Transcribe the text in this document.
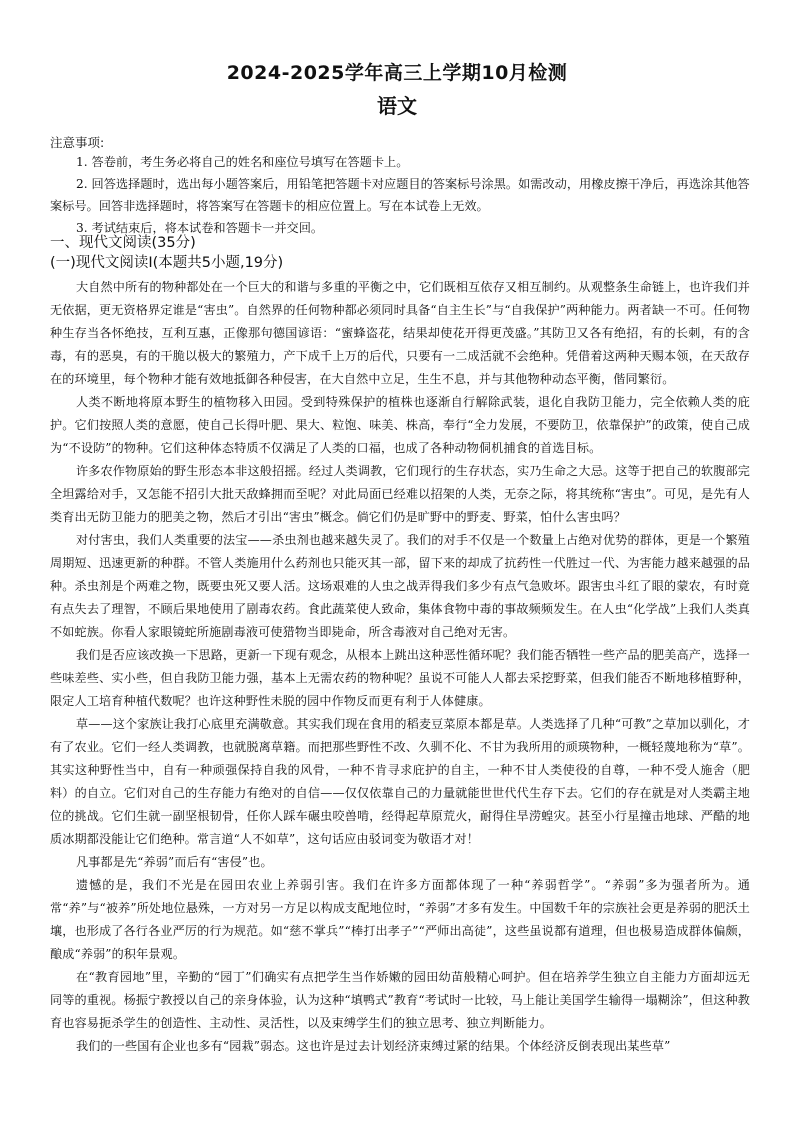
2024-2025学年高三上学期10月检测
语文
注意事项:

1. 答卷前，考生务必将自己的姓名和座位号填写在答题卡上。

2. 回答选择题时，选出每小题答案后，用铅笔把答题卡对应题目的答案标号涂黑。如需改动，用橡皮擦干净后，再选涂其他答案标号。回答非选择题时，将答案写在答题卡的相应位置上。写在本试卷上无效。

3. 考试结束后，将本试卷和答题卡一并交回。

一、现代文阅读(35分)
(一)现代文阅读Ⅰ(本题共5小题,19分)

大自然中所有的物种都处在一个巨大的和谐与多重的平衡之中，它们既相互依存又相互制约。从观整条生命链上，也许我们并无依据，更无资格界定谁是“害虫”。自然界的任何物种都必须同时具备“自主生长”与“自我保护”两种能力。两者缺一不可。任何物种生存当各怀绝技，互利互惠，正像那句德国谚语：“蜜蜂盗花，结果却使花开得更茂盛。”其防卫又各有绝招，有的长刺，有的含毒，有的恶臭，有的干脆以极大的繁殖力，产下成千上万的后代，只要有一二成活就不会绝种。凭借着这两种天赐本领，在天敌存在的环境里，每个物种才能有效地抵御各种侵害，在大自然中立足，生生不息，并与其他物种动态平衡，偕同繁衍。

人类不断地将原本野生的植物移入田园。受到特殊保护的植株也逐渐自行解除武装，退化自我防卫能力，完全依赖人类的庇护。它们按照人类的意愿，使自己长得叶肥、果大、粒饱、味美、株高，奉行“全力发展，不要防卫，依靠保护”的政策，使自己成为“不设防”的物种。它们这种体态特质不仅满足了人类的口福，也成了各种动物侗机捕食的首选目标。

许多农作物原始的野生形态本非这般招摇。经过人类调教，它们现行的生存状态，实乃生命之大忌。这等于把自己的软腹部完全坦露给对手，又怎能不招引大批天敌蜂拥而至呢？对此局面已经难以招架的人类，无奈之际，将其统称“害虫”。可见，是先有人类育出无防卫能力的肥美之物，然后才引出“害虫”概念。倘它们仍是旷野中的野麦、野菜，怕什么害虫吗？

对付害虫，我们人类重要的法宝——杀虫剂也越来越失灵了。我们的对手不仅是一个数量上占绝对优势的群体，更是一个繁殖周期短、迅速更新的种群。不管人类施用什么药剂也只能灭其一部，留下来的却成了抗药性一代胜过一代、为害能力越来越强的品种。杀虫剂是个两难之物，既要虫死又要人活。这场艰难的人虫之战弄得我们多少有点气急败坏。跟害虫斗红了眼的蒙农，有时竟有点失去了理智，不顾后果地使用了剧毒农药。食此蔬菜使人致命，集体食物中毒的事故频频发生。在人虫“化学战”上我们人类真不如蛇族。你看人家眼镜蛇所施剧毒液可使猎物当即毙命，所含毒液对自己绝对无害。

我们是否应该改换一下思路，更新一下现有观念，从根本上跳出这种恶性循环呢？我们能否牺牲一些产品的肥美高产，选择一些味差些、实小些，但自我防卫能力强，基本上无需农药的物种呢？虽说不可能人人都去采挖野菜，但我们能否不断地移植野种，限定人工培育种植代数呢？也许这种野性未脱的园中作物反而更有利于人体健康。

草——这个家族让我打心底里充满敬意。其实我们现在食用的稻麦豆菜原本都是草。人类选择了几种“可教”之草加以驯化，才有了农业。它们一经人类调教，也就脱离草籍。而把那些野性不改、久驯不化、不甘为我所用的顽瑛物种，一概轻蔑地称为“草”。其实这种野性当中，自有一种顽强保持自我的风骨，一种不肯寻求庇护的自主，一种不甘人类使役的自尊，一种不受人施舍（肥料）的自立。它们对自己的生存能力有绝对的自信——仅仅依靠自己的力量就能世世代代生存下去。它们的存在就是对人类霸主地位的挑战。它们生就一副坚根韧骨，任你人踩车碾虫咬兽啃，经得起草原荒火，耐得住旱涝蝗灾。甚至小行星撞击地球、严酷的地质冰期都没能让它们绝种。常言道“人不如草”，这句话应由驳词变为敬语才对！

凡事都是先“养弱”而后有“害侵”也。

遗憾的是，我们不光是在园田农业上养弱引害。我们在许多方面都体现了一种“养弱哲学”。“养弱”多为强者所为。通常“养”与“被养”所处地位悬殊，一方对另一方足以构成支配地位时，“养弱”才多有发生。中国数千年的宗族社会更是养弱的肥沃土壤，也形成了各行各业严厉的行为规范。如“慈不掌兵”“棒打出孝子”“严师出高徒”，这些虽说都有道理，但也极易造成群体偏颇，酿成“养弱”的积年景观。

在“教育园地”里，辛勤的“园丁”们确实有点把学生当作娇嫩的园田幼苗般精心呵护。但在培养学生独立自主能力方面却远无同等的重视。杨振宁教授以自己的亲身体验，认为这种“填鸭式”教育“考试时一比较，马上能让美国学生输得一塌糊涂”，但这种教育也容易扼杀学生的创造性、主动性、灵活性，以及束缚学生们的独立思考、独立判断能力。

我们的一些国有企业也多有“园栽”弱态。这也许是过去计划经济束缚过紧的结果。个体经济反倒表现出某些草”
